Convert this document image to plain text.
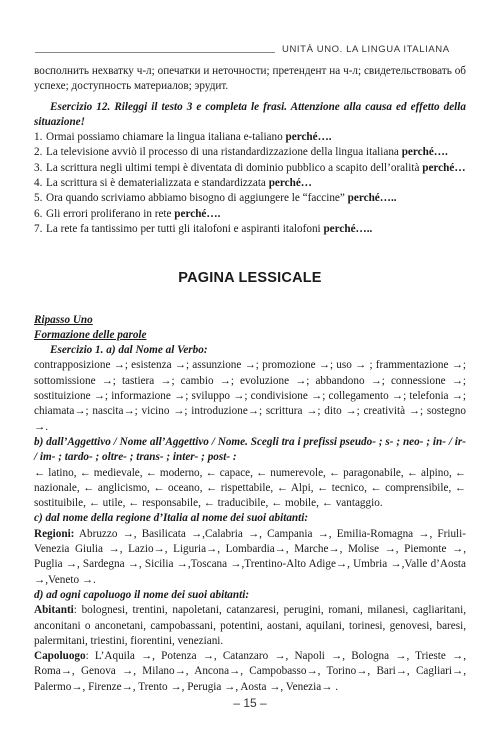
UNITÀ UNO. LA LINGUA ITALIANA

восполнить нехватку ч-л; опечатки и неточности; претендент на ч-л; свидетельствовать об успехе; доступность материалов; эрудит.

Esercizio 12. Rileggi il testo 3 e completa le frasi. Attenzione alla causa ed effetto della situazione!

1. Ormai possiamo chiamare la lingua italiana e-taliano perché….
2. La televisione avviò il processo di una ristandardizzazione della lingua italiana perché….
3. La scrittura negli ultimi tempi è diventata di dominio pubblico a scapito dell’oralità perché…
4. La scrittura si è dematerializzata e standardizzata perché…
5. Ora quando scriviamo abbiamo bisogno di aggiungere le “faccine” perché…..
6. Gli errori proliferano in rete perché….
7. La rete fa tantissimo per tutti gli italofoni e aspiranti italofoni perché…..

PAGINA LESSICALE

Ripasso Uno

Formazione delle parole

Esercizio 1. a) dal Nome al Verbo:

contrapposizione →; esistenza →; assunzione →; promozione →; uso → ; frammentazione →; sottomissione →; tastiera →; cambio →; evoluzione →; abbandono →; connessione →; sostituizione →; informazione →; sviluppo →; condivisione →; collegamento →; telefonia →; chiamata→; nascita→; vicino →; introduzione→; scrittura →; dito →; creatività →; sostegno →.

b) dall’Aggettivo / Nome all’Aggettivo / Nome. Scegli tra i prefissi pseudo- ; s- ; neo- ; in- / ir- / im- ; tardo- ; oltre- ; trans- ; inter- ; post- :

← latino, ← medievale, ← moderno, ← capace, ← numerevole, ← paragonabile, ← alpino, ← nazionale, ← anglicismo, ← oceano, ← rispettabile, ← Alpi, ← tecnico, ← comprensibile, ← sostituibile, ← utile, ← responsabile, ← traducibile, ← mobile, ← vantaggio.

c) dal nome della regione d’Italia al nome dei suoi abitanti:

Regioni: Abruzzo →, Basilicata →,Calabria →, Campania →, Emilia-Romagna →, Friuli-Venezia Giulia →, Lazio→, Liguria→, Lombardia→, Marche→, Molise →, Piemonte →, Puglia →, Sardegna →, Sicilia →,Toscana →,Trentino-Alto Adige→, Umbria →,Valle d’Aosta →,Veneto →.

d) ad ogni capoluogo il nome dei suoi abitanti:

Abitanti: bolognesi, trentini, napoletani, catanzaresi, perugini, romani, milanesi, cagliaritani, anconitani o anconetani, campobassani, potentini, aostani, aquilani, torinesi, genovesi, baresi, palermitani, triestini, fiorentini, veneziani.

Capoluogo: L’Aquila →, Potenza →, Catanzaro →, Napoli →, Bologna →, Trieste →, Roma→, Genova →, Milano→, Ancona→, Campobasso→, Torino→, Bari→, Cagliari→, Palermo→, Firenze→, Trento →, Perugia →, Aosta →, Venezia→ .

– 15 –
